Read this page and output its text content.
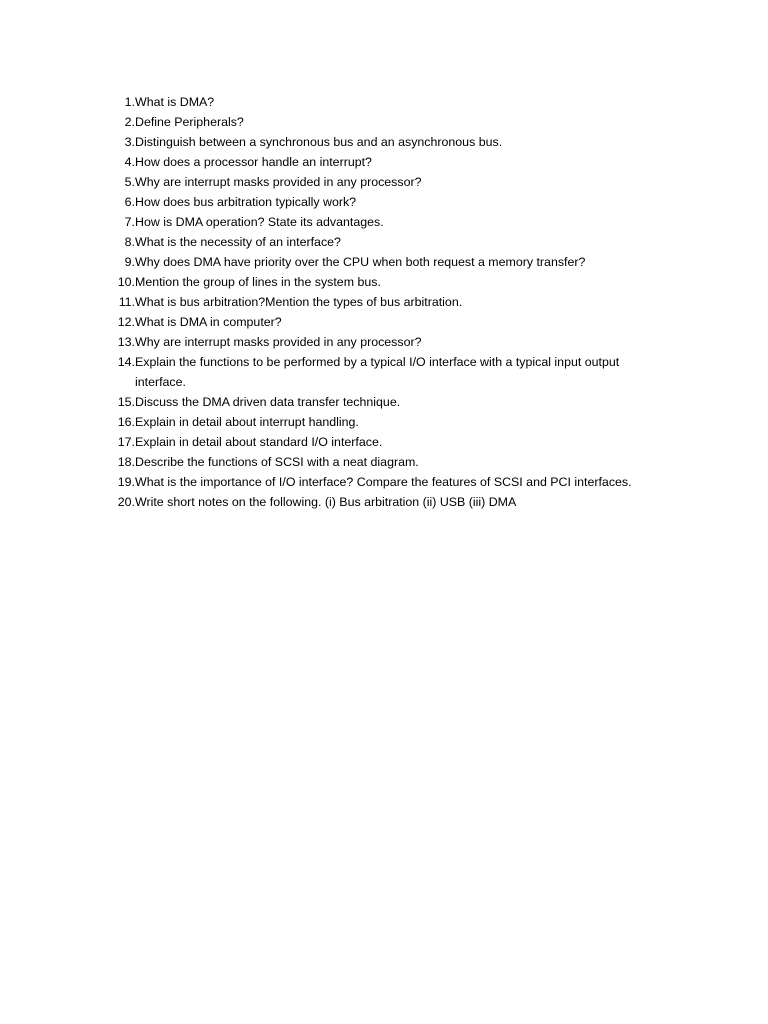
1. What is DMA?
2. Define Peripherals?
3. Distinguish between a synchronous bus and an asynchronous bus.
4. How does a processor handle an interrupt?
5. Why are interrupt masks provided in any processor?
6. How does bus arbitration typically work?
7. How is DMA operation? State its advantages.
8. What is the necessity of an interface?
9. Why does DMA have priority over the CPU when both request a memory transfer?
10. Mention the group of lines in the system bus.
11. What is bus arbitration?Mention the types of bus arbitration.
12. What is DMA in computer?
13. Why are interrupt masks provided in any processor?
14. Explain the functions to be performed by a typical I/O interface with a typical input output interface.
15. Discuss the DMA driven data transfer technique.
16. Explain in detail about interrupt handling.
17. Explain in detail about standard I/O interface.
18. Describe the functions of SCSI with a neat diagram.
19. What is the importance of I/O interface? Compare the features of SCSI and PCI interfaces.
20. Write short notes on the following. (i) Bus arbitration (ii) USB (iii) DMA
